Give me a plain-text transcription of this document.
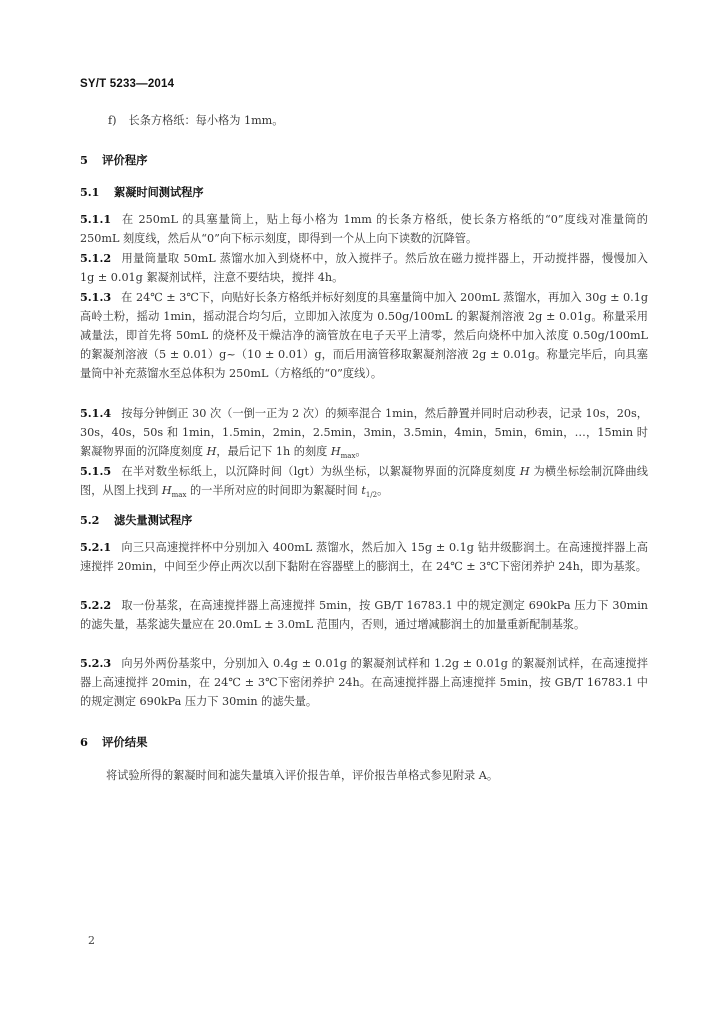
SY/T 5233—2014
f) 长条方格纸：每小格为 1mm。
5 评价程序
5.1 絮凝时间测试程序

5.1.1 在 250mL 的具塞量筒上，贴上每小格为 1mm 的长条方格纸，使长条方格纸的“0”度线对准量筒的 250mL 刻度线，然后从“0”向下标示刻度，即得到一个从上向下读数的沉降管。

5.1.2 用量筒量取 50mL 蒸馏水加入到烧杯中，放入搅拌子。然后放在磁力搅拌器上，开动搅拌器，慢慢加入 1g ± 0.01g 絮凝剂试样，注意不要结块，搅拌 4h。

5.1.3 在 24℃ ± 3℃下，向贴好长条方格纸并标好刻度的具塞量筒中加入 200mL 蒸馏水，再加入 30g ± 0.1g 高岭土粉，摇动 1min，摇动混合均匀后，立即加入浓度为 0.50g/100mL 的絮凝剂溶液 2g ± 0.01g。称量采用减量法，即首先将 50mL 的烧杯及干燥洁净的滴管放在电子天平上清零，然后向烧杯中加入浓度 0.50g/100mL 的絮凝剂溶液（5 ± 0.01）g~（10 ± 0.01）g，而后用滴管移取絮凝剂溶液 2g ± 0.01g。称量完毕后，向具塞量筒中补充蒸馏水至总体积为 250mL（方格纸的“0”度线）。

5.1.4 按每分钟倒正 30 次（一倒一正为 2 次）的频率混合 1min，然后静置并同时启动秒表，记录 10s，20s，30s，40s，50s 和 1min，1.5min，2min，2.5min，3min，3.5min，4min，5min，6min，…，15min 时絮凝物界面的沉降度刻度 H，最后记下 1h 的刻度 $H_{max}$。

5.1.5 在半对数坐标纸上，以沉降时间（lgt）为纵坐标，以絮凝物界面的沉降度刻度 H 为横坐标绘制沉降曲线图，从图上找到 $H_{max}$ 的一半所对应的时间即为絮凝时间 $t_{1/2}$。

5.2 滤失量测试程序

5.2.1 向三只高速搅拌杯中分别加入 400mL 蒸馏水，然后加入 15g ± 0.1g 钻井级膨润土。在高速搅拌器上高速搅拌 20min，中间至少停止两次以刮下黏附在容器壁上的膨润土，在 24℃ ± 3℃下密闭养护 24h，即为基浆。

5.2.2 取一份基浆，在高速搅拌器上高速搅拌 5min，按 GB/T 16783.1 中的规定测定 690kPa 压力下 30min 的滤失量，基浆滤失量应在 20.0mL ± 3.0mL 范围内，否则，通过增减膨润土的加量重新配制基浆。

5.2.3 向另外两份基浆中，分别加入 0.4g ± 0.01g 的絮凝剂试样和 1.2g ± 0.01g 的絮凝剂试样，在高速搅拌器上高速搅拌 20min，在 24℃ ± 3℃下密闭养护 24h。在高速搅拌器上高速搅拌 5min，按 GB/T 16783.1 中的规定测定 690kPa 压力下 30min 的滤失量。

6 评价结果

将试验所得的絮凝时间和滤失量填入评价报告单，评价报告单格式参见附录 A。

2
